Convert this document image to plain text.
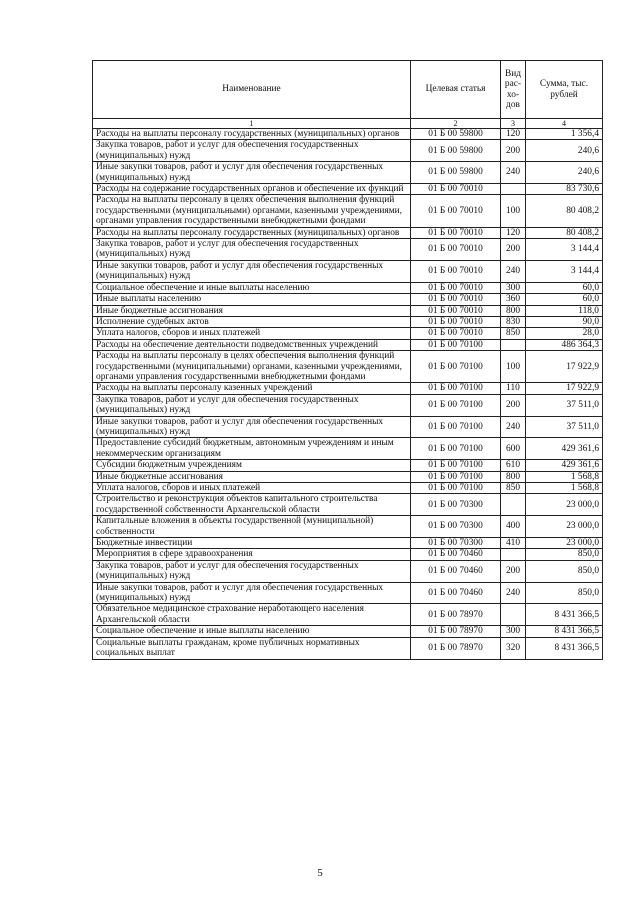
Наименование	Целевая статья	Вид рас-хо-дов	Сумма, тыс. рублей
1	2	3	4
Расходы на выплаты персоналу государственных (муниципальных) органов	01 Б 00 59800	120	1 356,4
Закупка товаров, работ и услуг для обеспечения государственных (муниципальных) нужд	01 Б 00 59800	200	240,6
Иные закупки товаров, работ и услуг для обеспечения государственных (муниципальных) нужд	01 Б 00 59800	240	240,6
Расходы на содержание государственных органов и обеспечение их функций	01 Б 00 70010		83 730,6
Расходы на выплаты персоналу в целях обеспечения выполнения функций государственными (муниципальными) органами, казенными учреждениями, органами управления государственными внебюджетными фондами	01 Б 00 70010	100	80 408,2
Расходы на выплаты персоналу государственных (муниципальных) органов	01 Б 00 70010	120	80 408,2
Закупка товаров, работ и услуг для обеспечения государственных (муниципальных) нужд	01 Б 00 70010	200	3 144,4
Иные закупки товаров, работ и услуг для обеспечения государственных (муниципальных) нужд	01 Б 00 70010	240	3 144,4
Социальное обеспечение и иные выплаты населению	01 Б 00 70010	300	60,0
Иные выплаты населению	01 Б 00 70010	360	60,0
Иные бюджетные ассигнования	01 Б 00 70010	800	118,0
Исполнение судебных актов	01 Б 00 70010	830	90,0
Уплата налогов, сборов и иных платежей	01 Б 00 70010	850	28,0
Расходы на обеспечение деятельности подведомственных учреждений	01 Б 00 70100		486 364,3
Расходы на выплаты персоналу в целях обеспечения выполнения функций государственными (муниципальными) органами, казенными учреждениями, органами управления государственными внебюджетными фондами	01 Б 00 70100	100	17 922,9
Расходы на выплаты персоналу казенных учреждений	01 Б 00 70100	110	17 922,9
Закупка товаров, работ и услуг для обеспечения государственных (муниципальных) нужд	01 Б 00 70100	200	37 511,0
Иные закупки товаров, работ и услуг для обеспечения государственных (муниципальных) нужд	01 Б 00 70100	240	37 511,0
Предоставление субсидий бюджетным, автономным учреждениям и иным некоммерческим организациям	01 Б 00 70100	600	429 361,6
Субсидии бюджетным учреждениям	01 Б 00 70100	610	429 361,6
Иные бюджетные ассигнования	01 Б 00 70100	800	1 568,8
Уплата налогов, сборов и иных платежей	01 Б 00 70100	850	1 568,8
Строительство и реконструкция объектов капитального строительства государственной собственности Архангельской области	01 Б 00 70300		23 000,0
Капитальные вложения в объекты государственной (муниципальной) собственности	01 Б 00 70300	400	23 000,0
Бюджетные инвестиции	01 Б 00 70300	410	23 000,0
Мероприятия в сфере здравоохранения	01 Б 00 70460		850,0
Закупка товаров, работ и услуг для обеспечения государственных (муниципальных) нужд	01 Б 00 70460	200	850,0
Иные закупки товаров, работ и услуг для обеспечения государственных (муниципальных) нужд	01 Б 00 70460	240	850,0
Обязательное медицинское страхование неработающего населения Архангельской области	01 Б 00 78970		8 431 366,5
Социальное обеспечение и иные выплаты населению	01 Б 00 78970	300	8 431 366,5
Социальные выплаты гражданам, кроме публичных нормативных социальных выплат	01 Б 00 78970	320	8 431 366,5
5
